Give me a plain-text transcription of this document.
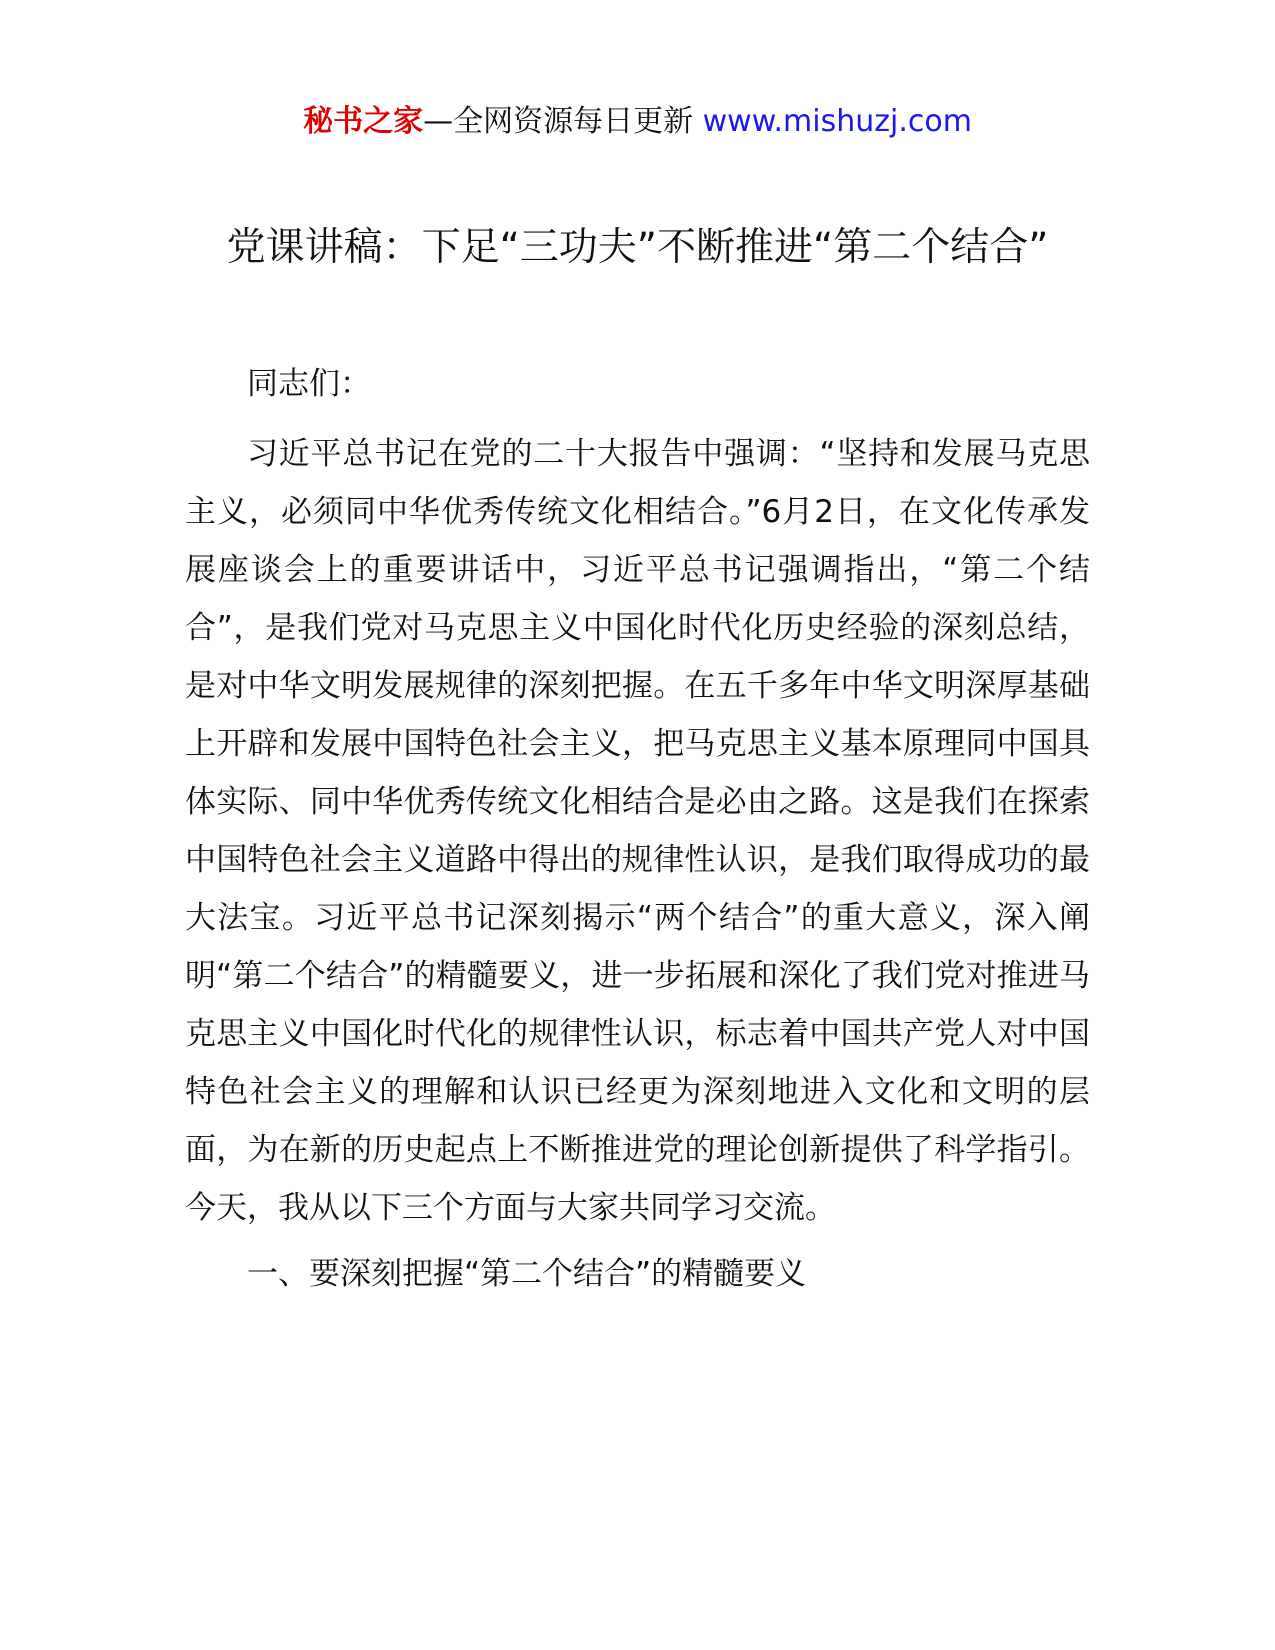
秘书之家—全网资源每日更新 www.mishuzj.com
党课讲稿：下足“三功夫”不断推进“第二个结合”

同志们：

习近平总书记在党的二十大报告中强调：“坚持和发展马克思主义，必须同中华优秀传统文化相结合。”6月2日，在文化传承发展座谈会上的重要讲话中，习近平总书记强调指出，“第二个结合”，是我们党对马克思主义中国化时代化历史经验的深刻总结，是对中华文明发展规律的深刻把握。在五千多年中华文明深厚基础上开辟和发展中国特色社会主义，把马克思主义基本原理同中国具体实际、同中华优秀传统文化相结合是必由之路。这是我们在探索中国特色社会主义道路中得出的规律性认识，是我们取得成功的最大法宝。习近平总书记深刻揭示“两个结合”的重大意义，深入阐明“第二个结合”的精髓要义，进一步拓展和深化了我们党对推进马克思主义中国化时代化的规律性认识，标志着中国共产党人对中国特色社会主义的理解和认识已经更为深刻地进入文化和文明的层面，为在新的历史起点上不断推进党的理论创新提供了科学指引。今天，我从以下三个方面与大家共同学习交流。

一、要深刻把握“第二个结合”的精髓要义
